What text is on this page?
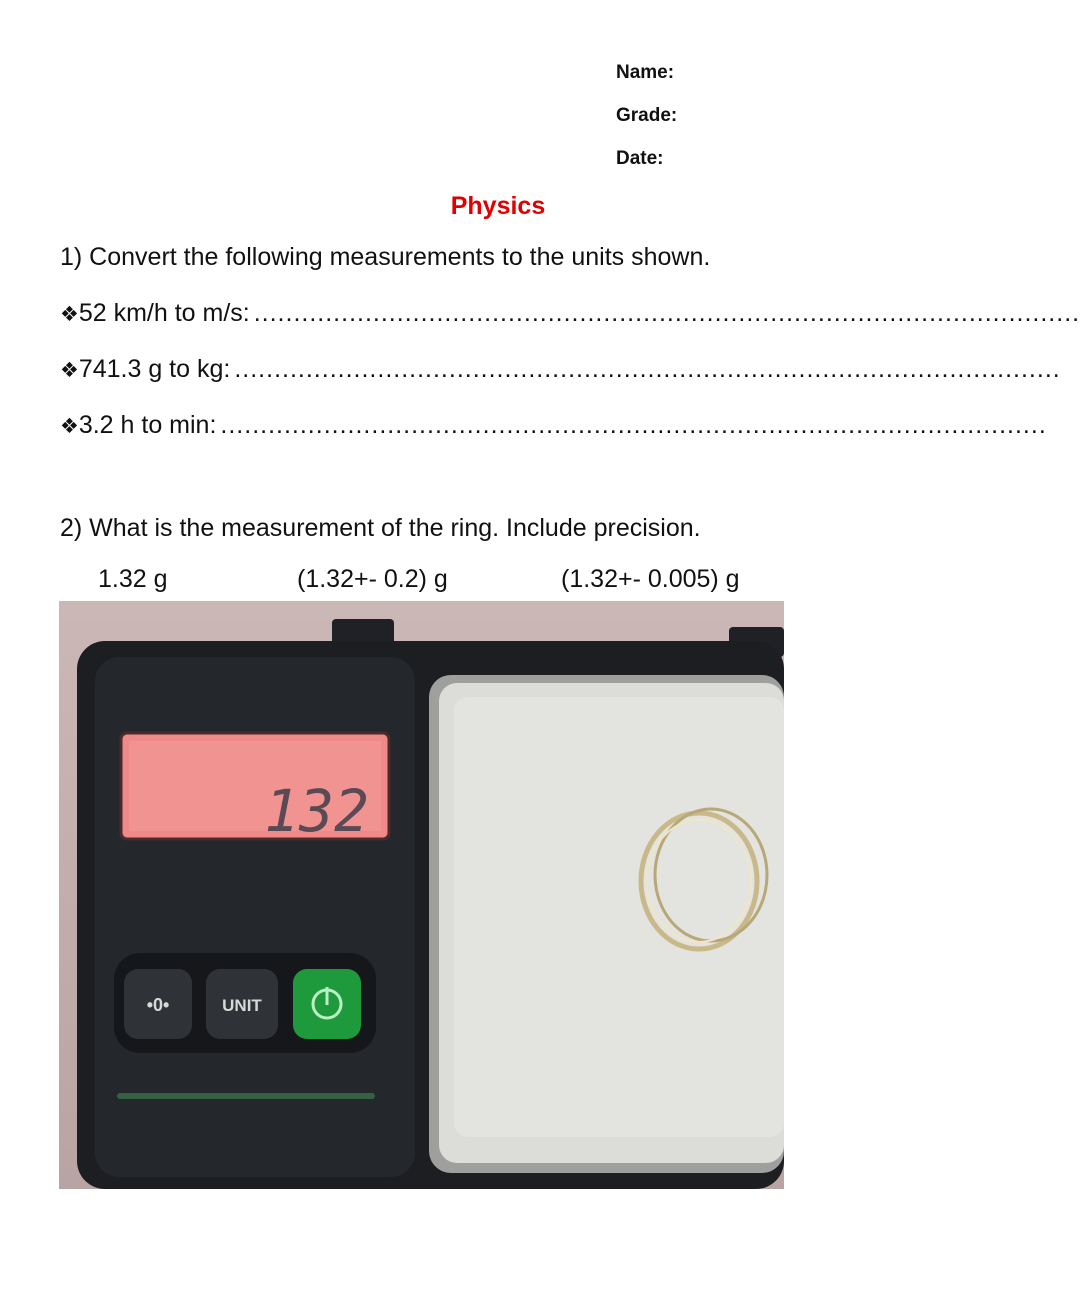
Name:
Grade:
Date:
Physics
1) Convert the following measurements to the units shown.
❖ 52 km/h to m/s: ........................................................................................................
❖ 741.3 g to kg: ........................................................................................................
❖ 3.2 h to min: ........................................................................................................
2) What is the measurement of the ring. Include precision.
1.32 g	(1.32+- 0.2) g	(1.32+- 0.005) g
132
•0•	UNIT
